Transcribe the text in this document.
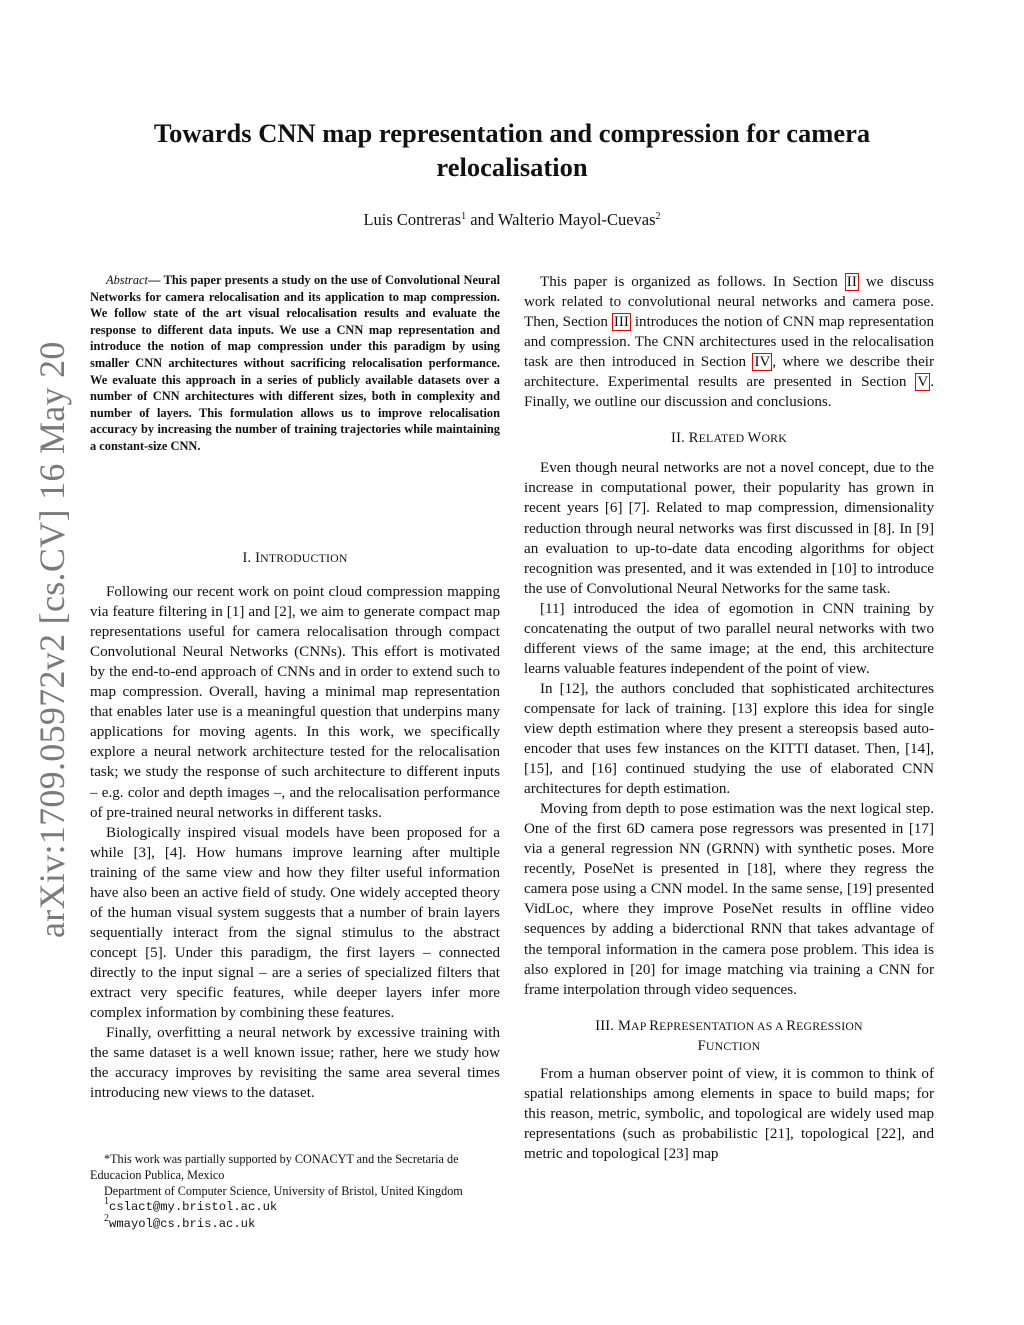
arXiv:1709.05972v2 [cs.CV] 16 May 2018
Towards CNN map representation and compression for camera
relocalisation
Luis Contreras$^1$ and Walterio Mayol-Cuevas$^2$

Abstract— This paper presents a study on the use of Convolutional Neural Networks for camera relocalisation and its application to map compression. We follow state of the art visual relocalisation results and evaluate the response to different data inputs. We use a CNN map representation and introduce the notion of map compression under this paradigm by using smaller CNN architectures without sacrificing relocalisation performance. We evaluate this approach in a series of publicly available datasets over a number of CNN architectures with different sizes, both in complexity and number of layers. This formulation allows us to improve relocalisation accuracy by increasing the number of training trajectories while maintaining a constant-size CNN.

I. INTRODUCTION

Following our recent work on point cloud compression mapping via feature filtering in [1] and [2], we aim to generate compact map representations useful for camera relocalisation through compact Convolutional Neural Networks (CNNs). This effort is motivated by the end-to-end approach of CNNs and in order to extend such to map compression. Overall, having a minimal map representation that enables later use is a meaningful question that underpins many applications for moving agents. In this work, we specifically explore a neural network architecture tested for the relocalisation task; we study the response of such architecture to different inputs – e.g. color and depth images –, and the relocalisation performance of pre-trained neural networks in different tasks.

Biologically inspired visual models have been proposed for a while [3], [4]. How humans improve learning after multiple training of the same view and how they filter useful information have also been an active field of study. One widely accepted theory of the human visual system suggests that a number of brain layers sequentially interact from the signal stimulus to the abstract concept [5]. Under this paradigm, the first layers – connected directly to the input signal – are a series of specialized filters that extract very specific features, while deeper layers infer more complex information by combining these features.

Finally, overfitting a neural network by excessive training with the same dataset is a well known issue; rather, here we study how the accuracy improves by revisiting the same area several times introducing new views to the dataset.

*This work was partially supported by CONACYT and the Secretaria de Educacion Publica, Mexico
Department of Computer Science, University of Bristol, United Kingdom
$^1$cslact@my.bristol.ac.uk
$^2$wmayol@cs.bris.ac.uk

This paper is organized as follows. In Section II we discuss work related to convolutional neural networks and camera pose. Then, Section III introduces the notion of CNN map representation and compression. The CNN architectures used in the relocalisation task are then introduced in Section IV , where we describe their architecture. Experimental results are presented in Section V . Finally, we outline our discussion and conclusions.

II. RELATED WORK

Even though neural networks are not a novel concept, due to the increase in computational power, their popularity has grown in recent years [6] [7]. Related to map compression, dimensionality reduction through neural networks was first discussed in [8]. In [9] an evaluation to up-to-date data encoding algorithms for object recognition was presented, and it was extended in [10] to introduce the use of Convolutional Neural Networks for the same task.

[11] introduced the idea of egomotion in CNN training by concatenating the output of two parallel neural networks with two different views of the same image; at the end, this architecture learns valuable features independent of the point of view.

In [12], the authors concluded that sophisticated architectures compensate for lack of training. [13] explore this idea for single view depth estimation where they present a stereopsis based auto-encoder that uses few instances on the KITTI dataset. Then, [14], [15], and [16] continued studying the use of elaborated CNN architectures for depth estimation.

Moving from depth to pose estimation was the next logical step. One of the first 6D camera pose regressors was presented in [17] via a general regression NN (GRNN) with synthetic poses. More recently, PoseNet is presented in [18], where they regress the camera pose using a CNN model. In the same sense, [19] presented VidLoc, where they improve PoseNet results in offline video sequences by adding a biderctional RNN that takes advantage of the temporal information in the camera pose problem. This idea is also explored in [20] for image matching via training a CNN for frame interpolation through video sequences.

III. MAP REPRESENTATION AS A REGRESSION
FUNCTION

From a human observer point of view, it is common to think of spatial relationships among elements in space to build maps; for this reason, metric, symbolic, and topological are widely used map representations (such as probabilistic [21], topological [22], and metric and topological [23] map
